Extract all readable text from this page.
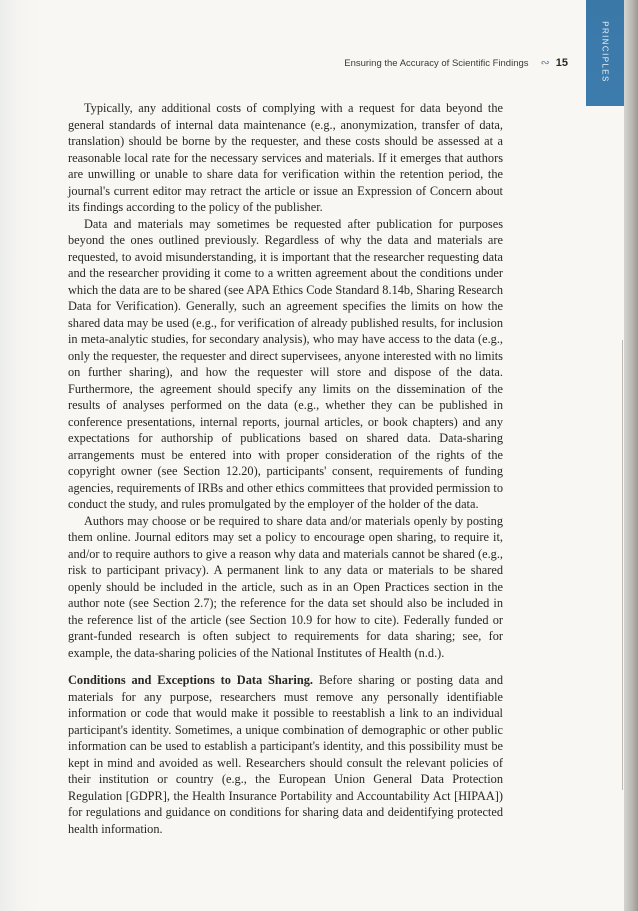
PRINCIPLES
Ensuring the Accuracy of Scientific Findings ∾ 15

Typically, any additional costs of complying with a request for data beyond the general standards of internal data maintenance (e.g., anonymization, transfer of data, translation) should be borne by the requester, and these costs should be assessed at a reasonable local rate for the necessary services and materials. If it emerges that authors are unwilling or unable to share data for verification within the retention period, the journal's current editor may retract the article or issue an Expression of Concern about its findings according to the policy of the publisher.

Data and materials may sometimes be requested after publication for purposes beyond the ones outlined previously. Regardless of why the data and materials are requested, to avoid misunderstanding, it is important that the researcher requesting data and the researcher providing it come to a written agreement about the conditions under which the data are to be shared (see APA Ethics Code Standard 8.14b, Sharing Research Data for Verification). Generally, such an agreement specifies the limits on how the shared data may be used (e.g., for verification of already published results, for inclusion in meta-analytic studies, for secondary analysis), who may have access to the data (e.g., only the requester, the requester and direct supervisees, anyone interested with no limits on further sharing), and how the requester will store and dispose of the data. Furthermore, the agreement should specify any limits on the dissemination of the results of analyses performed on the data (e.g., whether they can be published in conference presentations, internal reports, journal articles, or book chapters) and any expectations for authorship of publications based on shared data. Data-sharing arrangements must be entered into with proper consideration of the rights of the copyright owner (see Section 12.20), participants' consent, requirements of funding agencies, requirements of IRBs and other ethics committees that provided permission to conduct the study, and rules promulgated by the employer of the holder of the data.

Authors may choose or be required to share data and/or materials openly by posting them online. Journal editors may set a policy to encourage open sharing, to require it, and/or to require authors to give a reason why data and materials cannot be shared (e.g., risk to participant privacy). A permanent link to any data or materials to be shared openly should be included in the article, such as in an Open Practices section in the author note (see Section 2.7); the reference for the data set should also be included in the reference list of the article (see Section 10.9 for how to cite). Federally funded or grant-funded research is often subject to requirements for data sharing; see, for example, the data-sharing policies of the National Institutes of Health (n.d.).

Conditions and Exceptions to Data Sharing. Before sharing or posting data and materials for any purpose, researchers must remove any personally identifiable information or code that would make it possible to reestablish a link to an individual participant's identity. Sometimes, a unique combination of demographic or other public information can be used to establish a participant's identity, and this possibility must be kept in mind and avoided as well. Researchers should consult the relevant policies of their institution or country (e.g., the European Union General Data Protection Regulation [GDPR], the Health Insurance Portability and Accountability Act [HIPAA]) for regulations and guidance on conditions for sharing data and deidentifying protected health information.
